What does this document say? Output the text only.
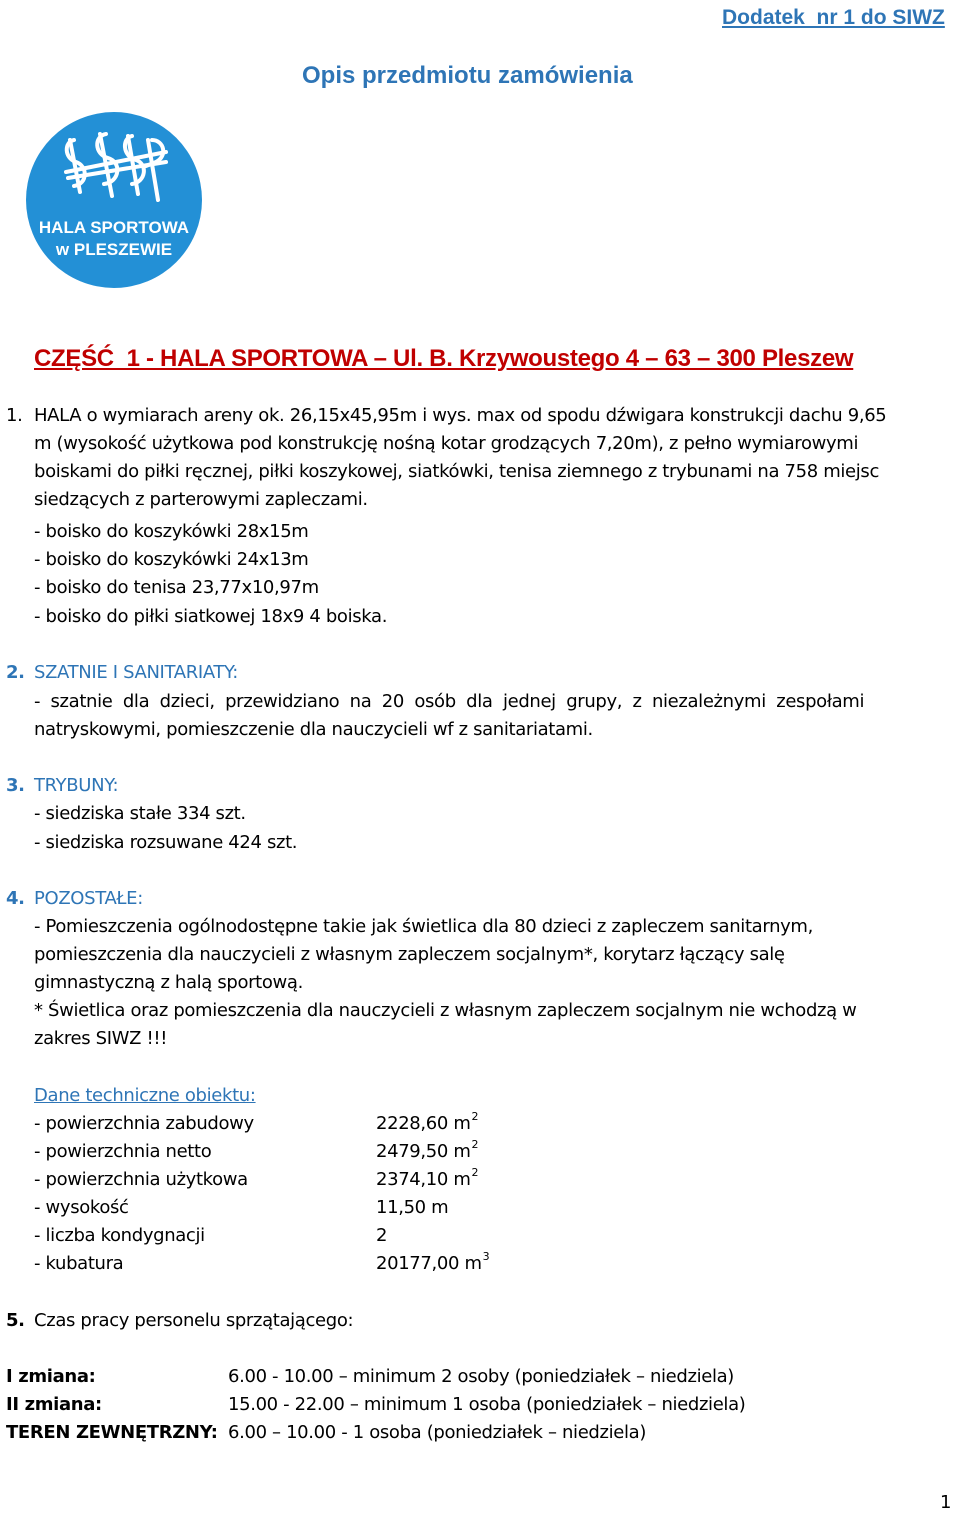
Dodatek  nr 1 do SIWZ
Opis przedmiotu zamówienia
HALA SPORTOWA
w PLESZEWIE
CZĘŚĆ  1 - HALA SPORTOWA – Ul. B. Krzywoustego 4 – 63 – 300 Pleszew
1. HALA o wymiarach areny ok. 26,15x45,95m i wys. max od spodu dźwigara konstrukcji dachu 9,65
m (wysokość użytkowa pod konstrukcję nośną kotar grodzących 7,20m), z pełno wymiarowymi
boiskami do piłki ręcznej, piłki koszykowej, siatkówki, tenisa ziemnego z trybunami na 758 miejsc
siedzących z parterowymi zapleczami.
- boisko do koszykówki 28x15m
- boisko do koszykówki 24x13m
- boisko do tenisa 23,77x10,97m
- boisko do piłki siatkowej 18x9 4 boiska.
2. SZATNIE I SANITARIATY:
- szatnie dla dzieci, przewidziano na 20 osób dla jednej grupy, z niezależnymi zespołami
natryskowymi, pomieszczenie dla nauczycieli wf z sanitariatami.
3. TRYBUNY:
- siedziska stałe 334 szt.
- siedziska rozsuwane 424 szt.
4. POZOSTAŁE:
- Pomieszczenia ogólnodostępne takie jak świetlica dla 80 dzieci z zapleczem sanitarnym,
pomieszczenia dla nauczycieli z własnym zapleczem socjalnym*, korytarz łączący salę
gimnastyczną z halą sportową.
* Świetlica oraz pomieszczenia dla nauczycieli z własnym zapleczem socjalnym nie wchodzą w
zakres SIWZ !!!
Dane techniczne obiektu:
- powierzchnia zabudowy	2228,60 $m^2$
- powierzchnia netto	2479,50 $m^2$
- powierzchnia użytkowa	2374,10 $m^2$
- wysokość	11,50 m
- liczba kondygnacji	2
- kubatura	20177,00 $m^3$
5. Czas pracy personelu sprzątającego:
I zmiana:	6.00 - 10.00 – minimum 2 osoby (poniedziałek – niedziela)
II zmiana:	15.00 - 22.00 – minimum 1 osoba (poniedziałek – niedziela)
TEREN ZEWNĘTRZNY: 6.00 – 10.00 - 1 osoba (poniedziałek – niedziela)
1
